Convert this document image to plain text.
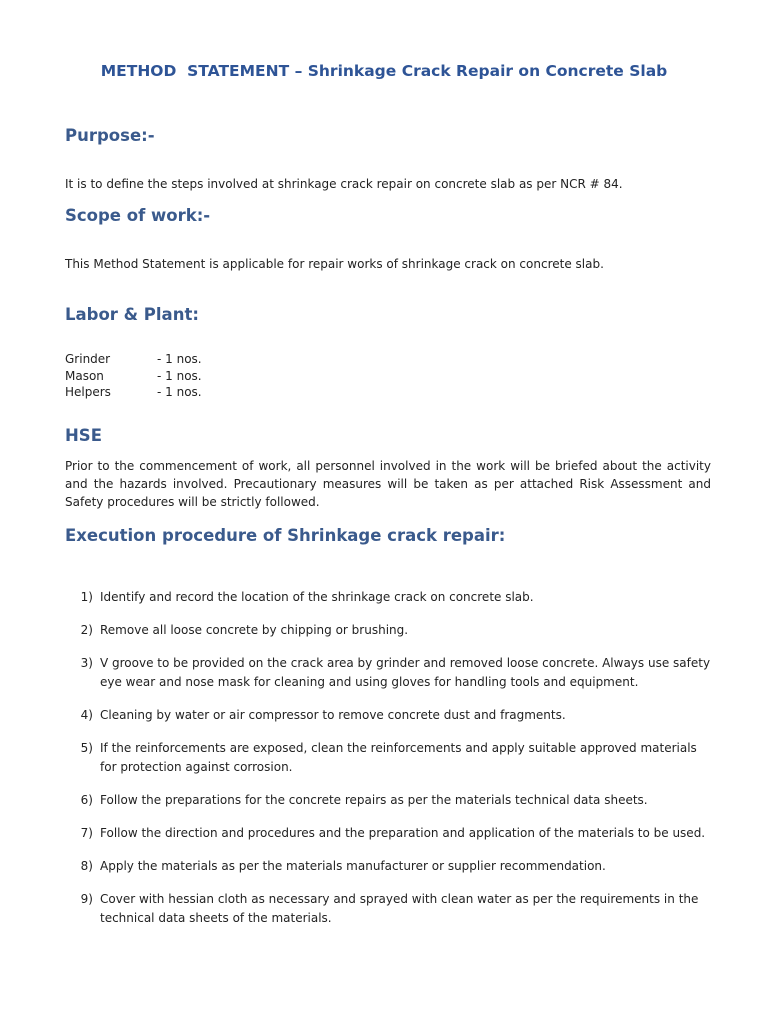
METHOD  STATEMENT – Shrinkage Crack Repair on Concrete Slab
Purpose:-

It is to define the steps involved at shrinkage crack repair on concrete slab as per NCR # 84.

Scope of work:-

This Method Statement is applicable for repair works of shrinkage crack on concrete slab.

Labor & Plant:
Grinder	- 1 nos.
Mason	- 1 nos.
Helpers	- 1 nos.
HSE

Prior to the commencement of work, all personnel involved in the work will be briefed about the activity and the hazards involved. Precautionary measures will be taken as per attached Risk Assessment and Safety procedures will be strictly followed.

Execution procedure of Shrinkage crack repair:
1) Identify and record the location of the shrinkage crack on concrete slab.
2) Remove all loose concrete by chipping or brushing.
3) V groove to be provided on the crack area by grinder and removed loose concrete. Always use safety eye wear and nose mask for cleaning and using gloves for handling tools and equipment.
4) Cleaning by water or air compressor to remove concrete dust and fragments.
5) If the reinforcements are exposed, clean the reinforcements and apply suitable approved materials for protection against corrosion.
6) Follow the preparations for the concrete repairs as per the materials technical data sheets.
7) Follow the direction and procedures and the preparation and application of the materials to be used.
8) Apply the materials as per the materials manufacturer or supplier recommendation.
9) Cover with hessian cloth as necessary and sprayed with clean water as per the requirements in the technical data sheets of the materials.
